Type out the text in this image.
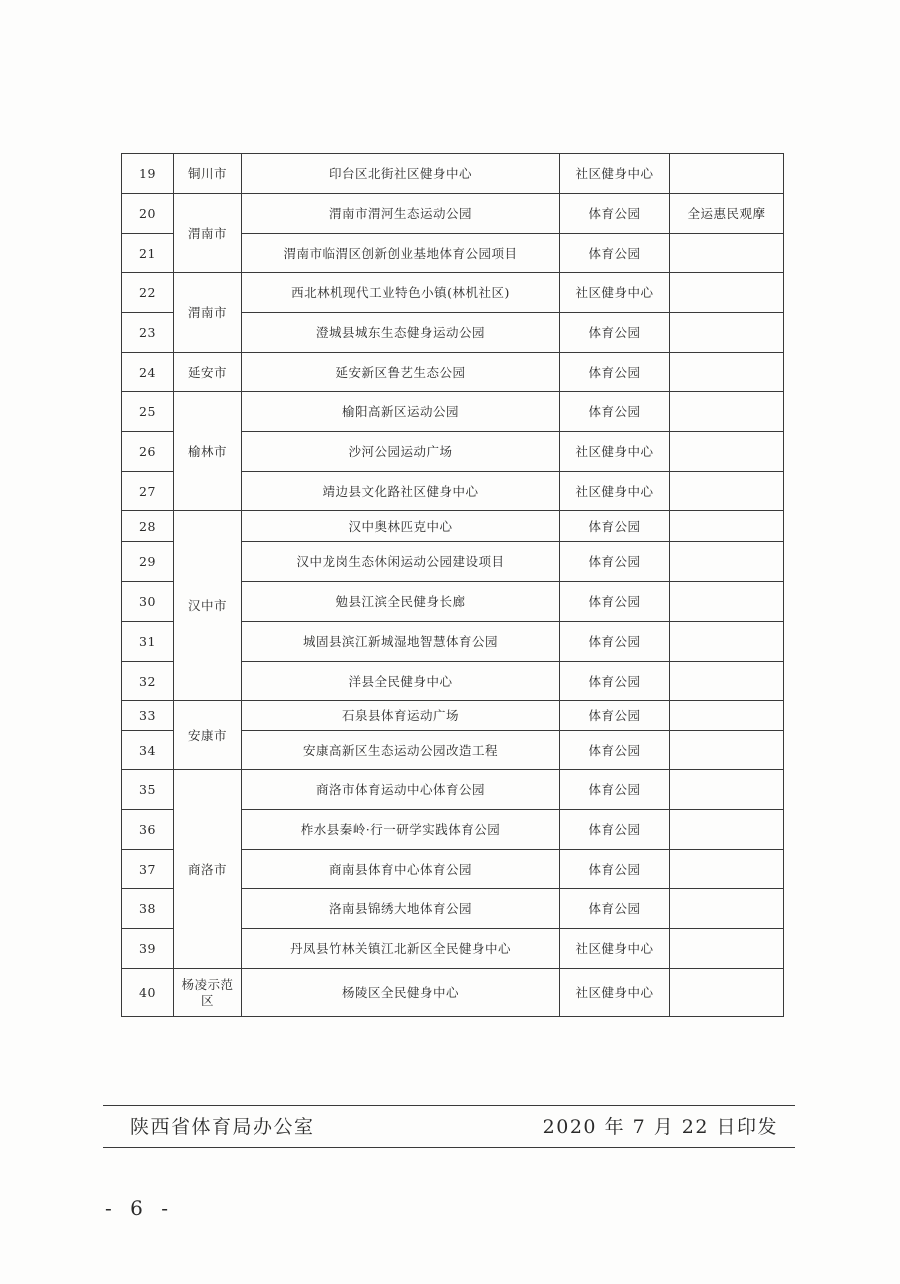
19	铜川市	印台区北街社区健身中心	社区健身中心	
20	渭南市	渭南市渭河生态运动公园	体育公园	全运惠民观摩
21		渭南市临渭区创新创业基地体育公园项目	体育公园	
22	渭南市	西北林机现代工业特色小镇(林机社区)	社区健身中心	
23		澄城县城东生态健身运动公园	体育公园	
24	延安市	延安新区鲁艺生态公园	体育公园	
25	榆林市	榆阳高新区运动公园	体育公园	
26		沙河公园运动广场	社区健身中心	
27		靖边县文化路社区健身中心	社区健身中心	
28	汉中市	汉中奥林匹克中心	体育公园	
29		汉中龙岗生态休闲运动公园建设项目	体育公园	
30		勉县江滨全民健身长廊	体育公园	
31		城固县滨江新城湿地智慧体育公园	体育公园	
32		洋县全民健身中心	体育公园	
33	安康市	石泉县体育运动广场	体育公园	
34		安康高新区生态运动公园改造工程	体育公园	
35	商洛市	商洛市体育运动中心体育公园	体育公园	
36		柞水县秦岭·行一研学实践体育公园	体育公园	
37		商南县体育中心体育公园	体育公园	
38		洛南县锦绣大地体育公园	体育公园	
39		丹凤县竹林关镇江北新区全民健身中心	社区健身中心	
40	杨凌示范区	杨陵区全民健身中心	社区健身中心	
陕西省体育局办公室	2020 年 7 月 22 日印发
- 6 -
